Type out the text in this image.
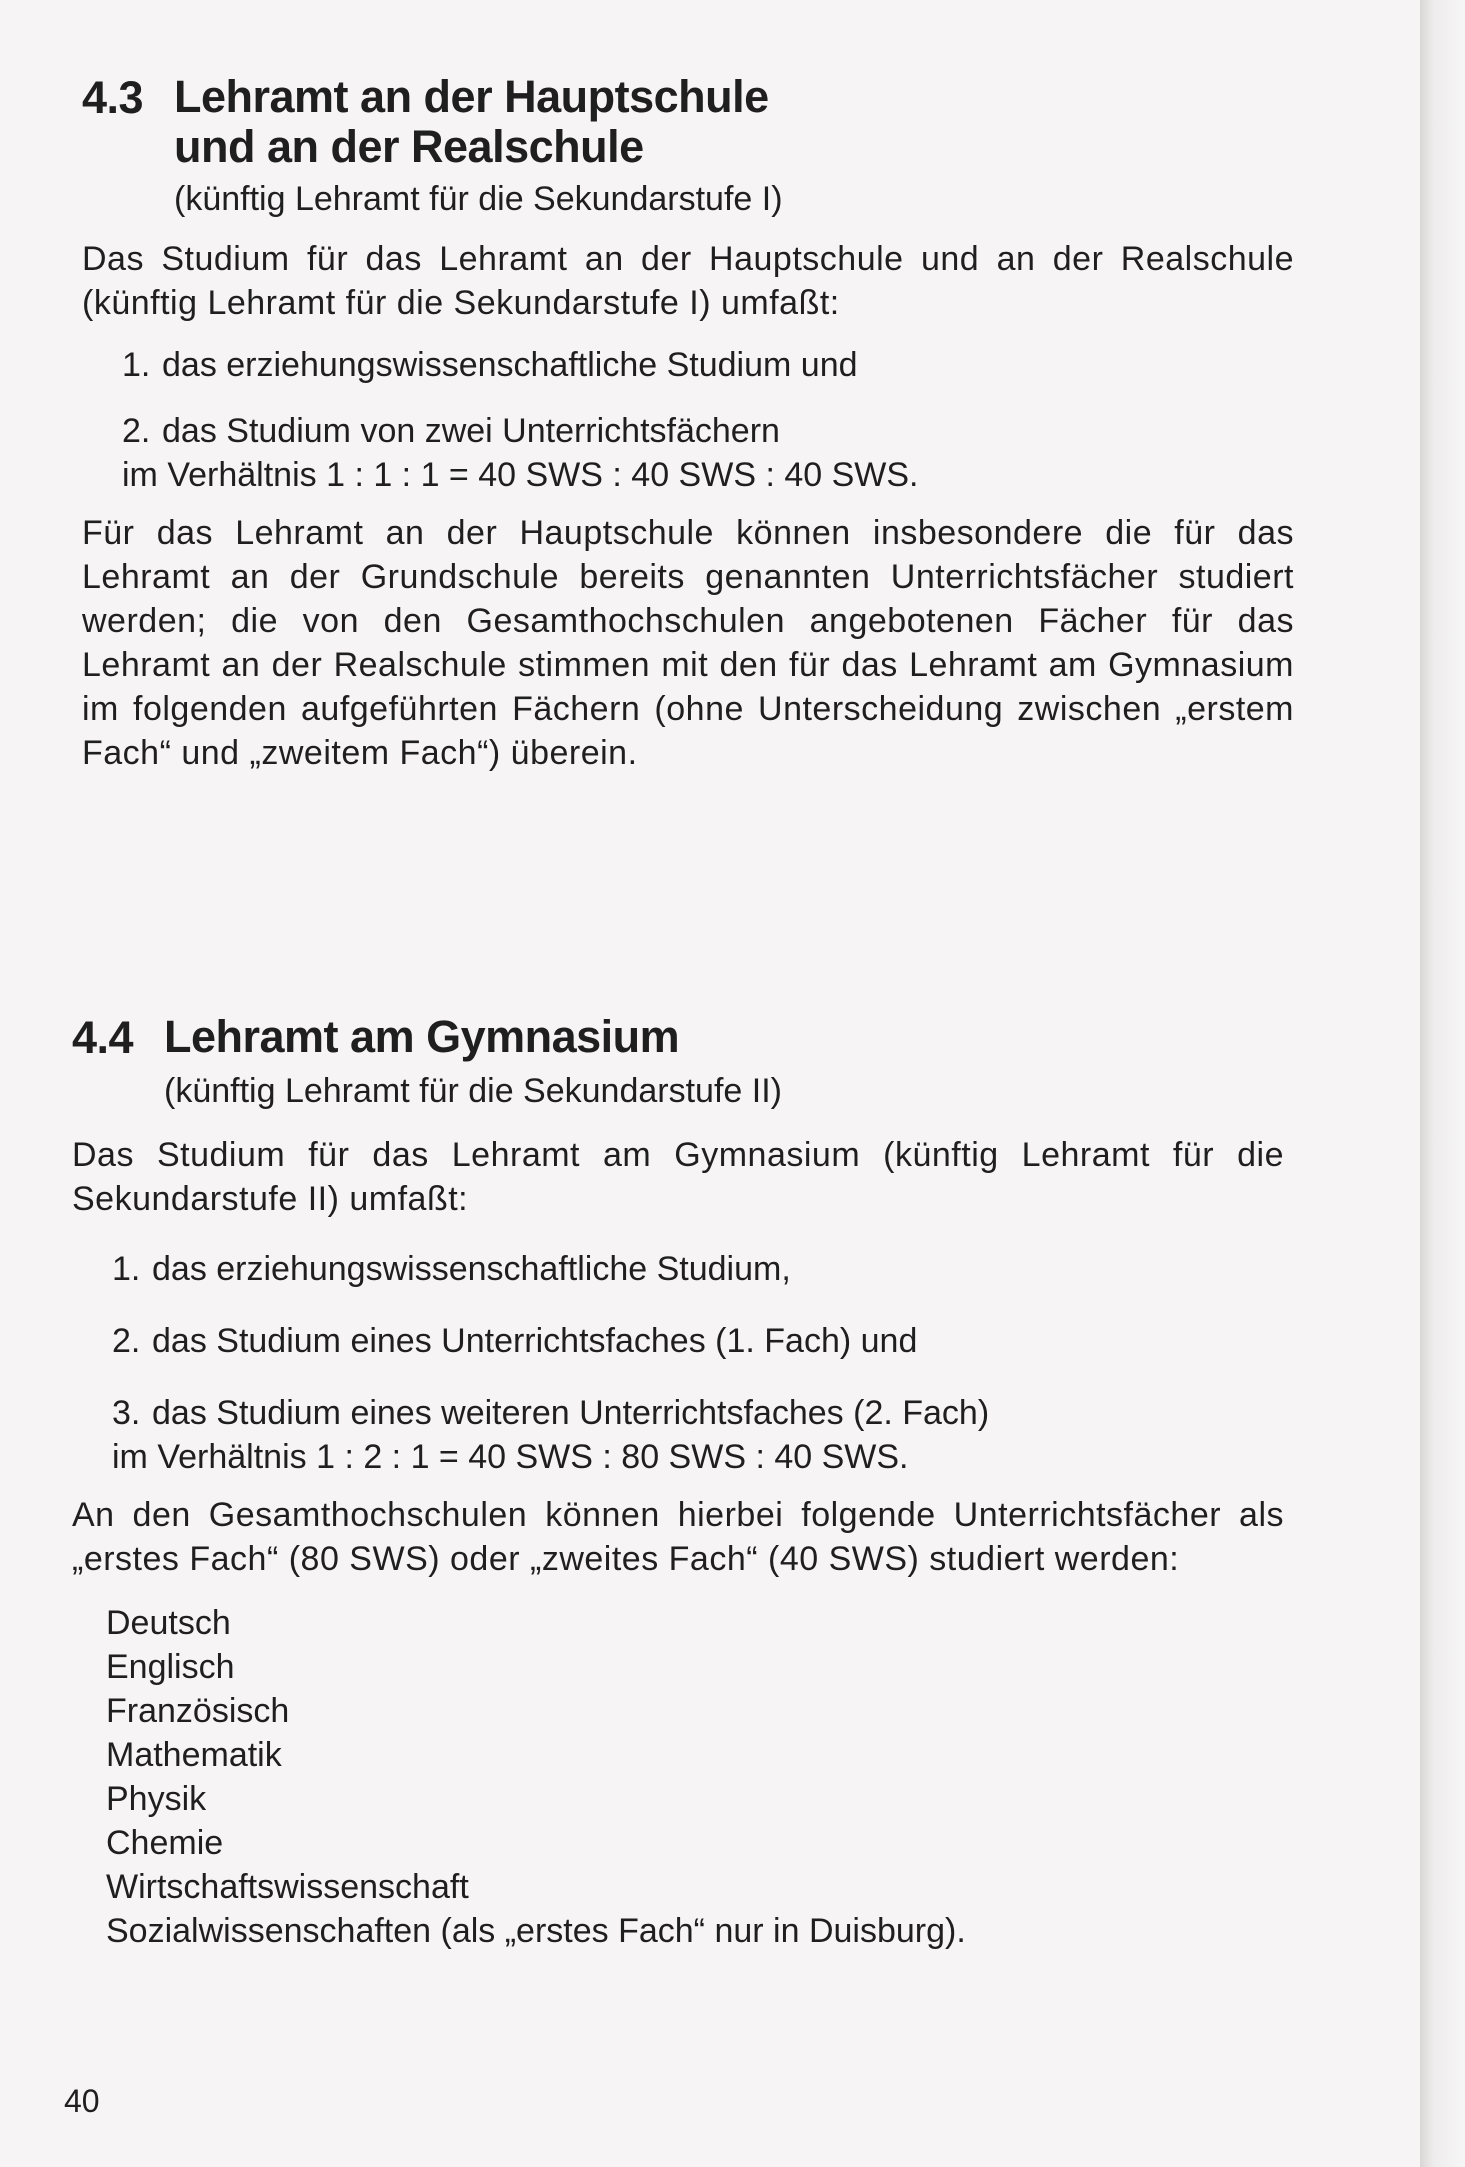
4.3 Lehramt an der Hauptschule
und an der Realschule
(künftig Lehramt für die Sekundarstufe I)

Das Studium für das Lehramt an der Hauptschule und an der Realschule (künftig Lehramt für die Sekundarstufe I) umfaßt:

1. das erziehungswissenschaftliche Studium und
2. das Studium von zwei Unterrichtsfächern
im Verhältnis 1 : 1 : 1 = 40 SWS : 40 SWS : 40 SWS.

Für das Lehramt an der Hauptschule können insbesondere die für das Lehramt an der Grundschule bereits genannten Unterrichtsfächer studiert werden; die von den Gesamthochschulen angebotenen Fächer für das Lehramt an der Realschule stimmen mit den für das Lehramt am Gymnasium im folgenden aufgeführten Fächern (ohne Unterscheidung zwischen „erstem Fach“ und „zweitem Fach“) überein.

4.4 Lehramt am Gymnasium
(künftig Lehramt für die Sekundarstufe II)

Das Studium für das Lehramt am Gymnasium (künftig Lehramt für die Sekundarstufe II) umfaßt:

1. das erziehungswissenschaftliche Studium,
2. das Studium eines Unterrichtsfaches (1. Fach) und
3. das Studium eines weiteren Unterrichtsfaches (2. Fach)
im Verhältnis 1 : 2 : 1 = 40 SWS : 80 SWS : 40 SWS.

An den Gesamthochschulen können hierbei folgende Unterrichtsfächer als „erstes Fach“ (80 SWS) oder „zweites Fach“ (40 SWS) studiert werden:

Deutsch
Englisch
Französisch
Mathematik
Physik
Chemie
Wirtschaftswissenschaft
Sozialwissenschaften (als „erstes Fach“ nur in Duisburg).
40
